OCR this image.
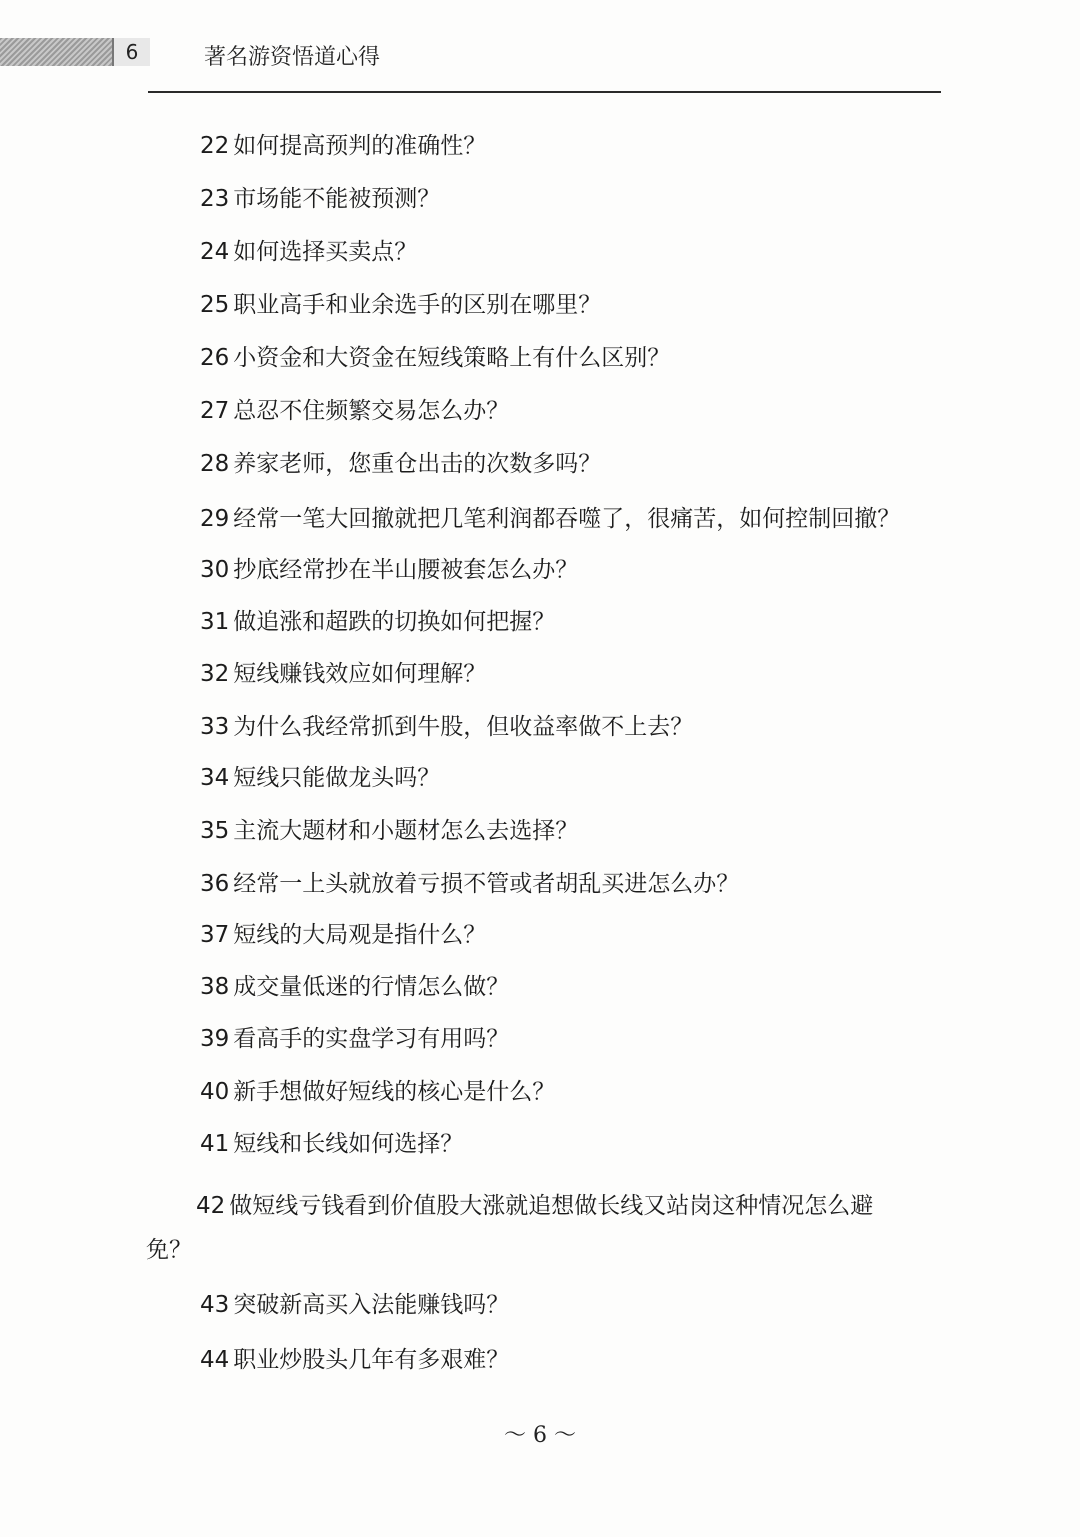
6	著名游资悟道心得
22 如何提高预判的准确性？
23 市场能不能被预测？
24 如何选择买卖点？
25 职业高手和业余选手的区别在哪里？
26 小资金和大资金在短线策略上有什么区别？
27 总忍不住频繁交易怎么办？
28 养家老师，您重仓出击的次数多吗？
29 经常一笔大回撤就把几笔利润都吞噬了，很痛苦，如何控制回撤？
30 抄底经常抄在半山腰被套怎么办？
31 做追涨和超跌的切换如何把握？
32 短线赚钱效应如何理解？
33 为什么我经常抓到牛股，但收益率做不上去？
34 短线只能做龙头吗？
35 主流大题材和小题材怎么去选择？
36 经常一上头就放着亏损不管或者胡乱买进怎么办？
37 短线的大局观是指什么？
38 成交量低迷的行情怎么做？
39 看高手的实盘学习有用吗？
40 新手想做好短线的核心是什么？
41 短线和长线如何选择？
42 做短线亏钱看到价值股大涨就追想做长线又站岗这种情况怎么避
免？
43 突破新高买入法能赚钱吗？
44 职业炒股头几年有多艰难？
～ 6 ～
